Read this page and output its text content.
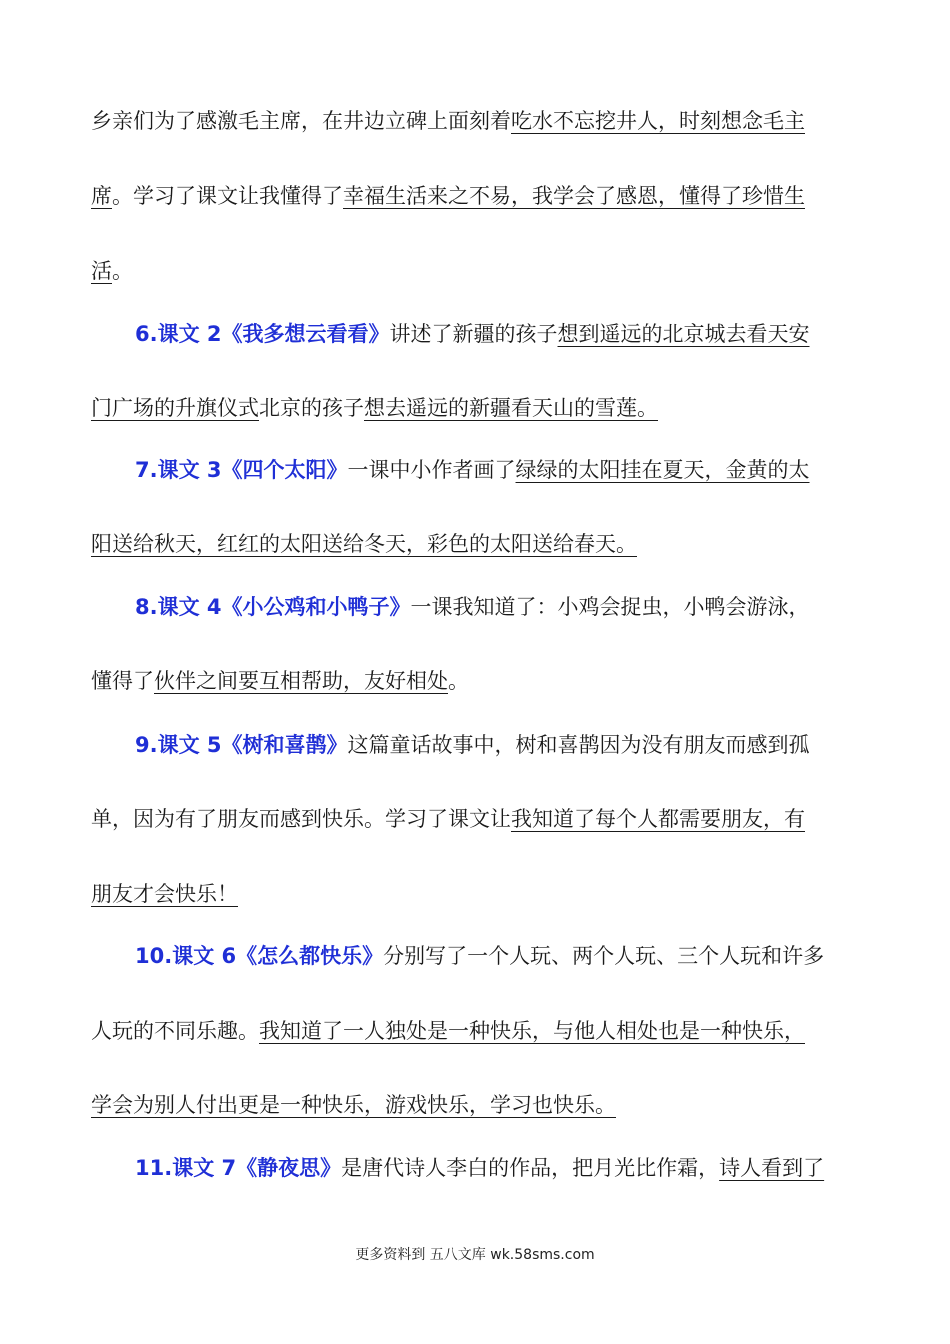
乡亲们为了感激毛主席，在井边立碑上面刻着吃水不忘挖井人，时刻想念毛主
席。学习了课文让我懂得了幸福生活来之不易，我学会了感恩，懂得了珍惜生
活。
6.课文 2《我多想云看看》讲述了新疆的孩子想到遥远的北京城去看天安
门广场的升旗仪式北京的孩子想去遥远的新疆看天山的雪莲。
7.课文 3《四个太阳》一课中小作者画了绿绿的太阳挂在夏天，金黄的太
阳送给秋天，红红的太阳送给冬天，彩色的太阳送给春天。
8.课文 4《小公鸡和小鸭子》一课我知道了：小鸡会捉虫，小鸭会游泳，
懂得了伙伴之间要互相帮助，友好相处。
9.课文 5《树和喜鹊》这篇童话故事中，树和喜鹊因为没有朋友而感到孤
单，因为有了朋友而感到快乐。学习了课文让我知道了每个人都需要朋友，有
朋友才会快乐！
10.课文 6《怎么都快乐》分别写了一个人玩、两个人玩、三个人玩和许多
人玩的不同乐趣。我知道了一人独处是一种快乐，与他人相处也是一种快乐，
学会为别人付出更是一种快乐，游戏快乐，学习也快乐。
11.课文 7《静夜思》是唐代诗人李白的作品，把月光比作霜，诗人看到了
更多资料到 五八文库 wk.58sms.com
